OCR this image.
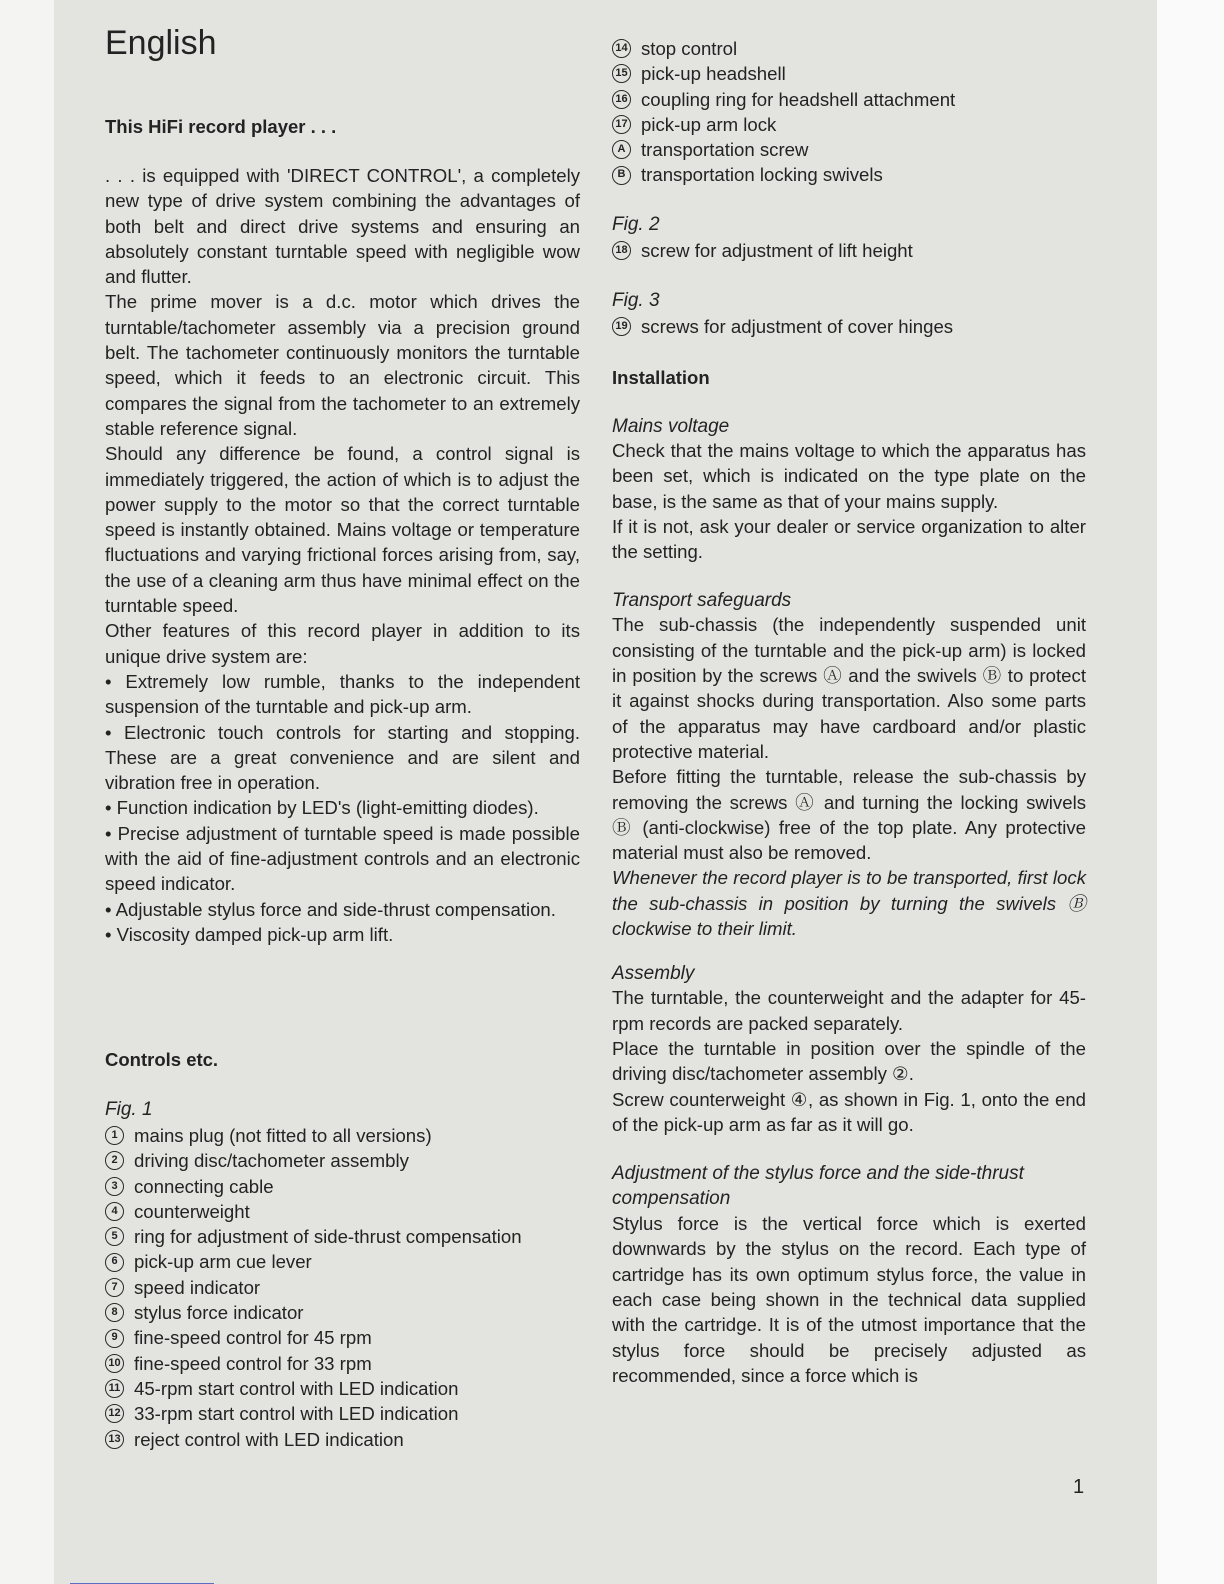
English
This HiFi record player . . .

. . . is equipped with 'DIRECT CONTROL', a completely new type of drive system combining the advantages of both belt and direct drive systems and ensuring an absolutely constant turntable speed with negligible wow and flutter.

The prime mover is a d.c. motor which drives the turntable/tachometer assembly via a precision ground belt. The tachometer continuously monitors the turntable speed, which it feeds to an electronic circuit. This compares the signal from the tachometer to an extremely stable reference signal.

Should any difference be found, a control signal is immediately triggered, the action of which is to adjust the power supply to the motor so that the correct turntable speed is instantly obtained. Mains voltage or temperature fluctuations and varying frictional forces arising from, say, the use of a cleaning arm thus have minimal effect on the turntable speed.

Other features of this record player in addition to its unique drive system are:

• Extremely low rumble, thanks to the independent suspension of the turntable and pick-up arm.

• Electronic touch controls for starting and stopping. These are a great convenience and are silent and vibration free in operation.

• Function indication by LED's (light-emitting diodes).

• Precise adjustment of turntable speed is made possible with the aid of fine-adjustment controls and an electronic speed indicator.

• Adjustable stylus force and side-thrust compensation.

• Viscosity damped pick-up arm lift.

Controls etc.
Fig. 1
1 mains plug (not fitted to all versions)
2 driving disc/tachometer assembly
3 connecting cable
4 counterweight
5 ring for adjustment of side-thrust compensation
6 pick-up arm cue lever
7 speed indicator
8 stylus force indicator
9 fine-speed control for 45 rpm
10 fine-speed control for 33 rpm
11 45-rpm start control with LED indication
12 33-rpm start control with LED indication
13 reject control with LED indication
14 stop control
15 pick-up headshell
16 coupling ring for headshell attachment
17 pick-up arm lock
A transportation screw
B transportation locking swivels
Fig. 2
18 screw for adjustment of lift height
Fig. 3
19 screws for adjustment of cover hinges
Installation
Mains voltage

Check that the mains voltage to which the apparatus has been set, which is indicated on the type plate on the base, is the same as that of your mains supply.

If it is not, ask your dealer or service organization to alter the setting.

Transport safeguards

The sub-chassis (the independently suspended unit consisting of the turntable and the pick-up arm) is locked in position by the screws Ⓐ and the swivels Ⓑ to protect it against shocks during transportation. Also some parts of the apparatus may have cardboard and/or plastic protective material.

Before fitting the turntable, release the sub-chassis by removing the screws Ⓐ and turning the locking swivels Ⓑ (anti-clockwise) free of the top plate. Any protective material must also be removed.

Whenever the record player is to be transported, first lock the sub-chassis in position by turning the swivels Ⓑ clockwise to their limit.

Assembly

The turntable, the counterweight and the adapter for 45-rpm records are packed separately.

Place the turntable in position over the spindle of the driving disc/tachometer assembly ②.

Screw counterweight ④, as shown in Fig. 1, onto the end of the pick-up arm as far as it will go.

Adjustment of the stylus force and the side-thrust compensation

Stylus force is the vertical force which is exerted downwards by the stylus on the record. Each type of cartridge has its own optimum stylus force, the value in each case being shown in the technical data supplied with the cartridge. It is of the utmost importance that the stylus force should be precisely adjusted as recommended, since a force which is

1
